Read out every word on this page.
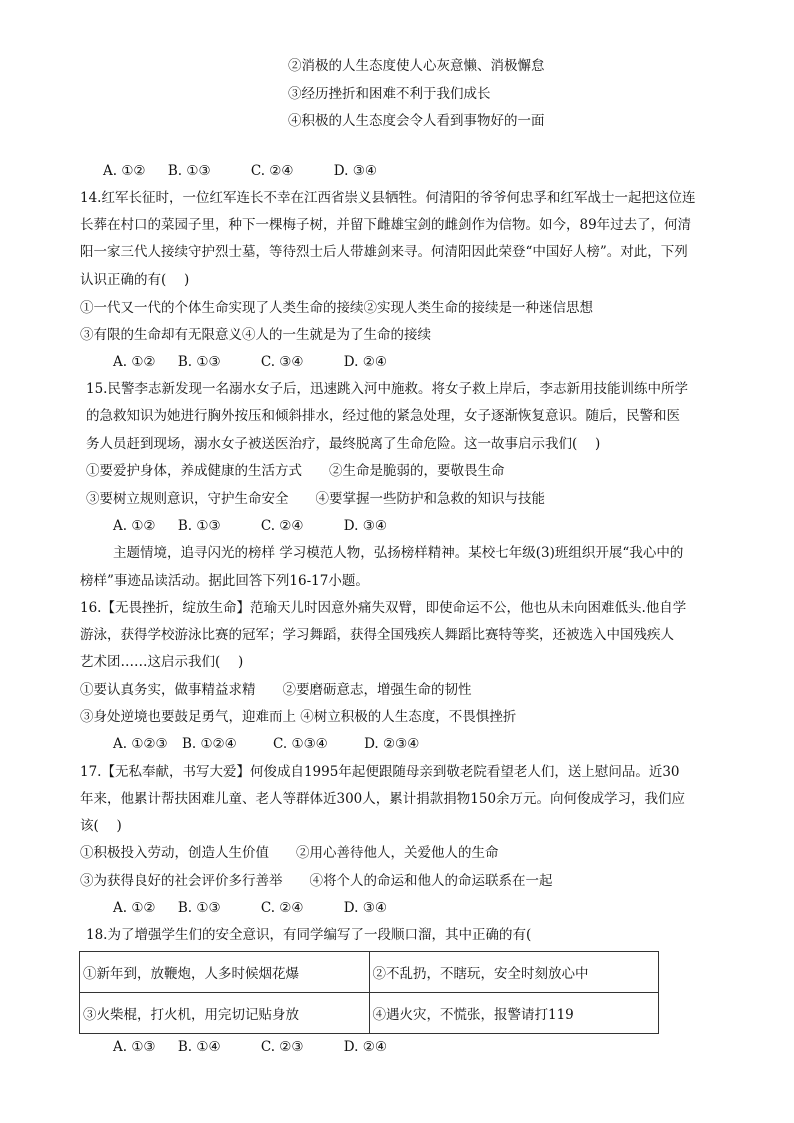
②消极的人生态度使人心灰意懒、消极懈怠
③经历挫折和困难不利于我们成长
④积极的人生态度会令人看到事物好的一面
A. ①② B. ①③	C. ②④	D. ③④
14.红军长征时，一位红军连长不幸在江西省崇义县牺牲。何清阳的爷爷何忠孚和红军战士一起把这位连
长葬在村口的菜园子里，种下一棵梅子树，并留下雌雄宝剑的雌剑作为信物。如今，89年过去了，何清
阳一家三代人接续守护烈士墓，等待烈士后人带雄剑来寻。何清阳因此荣登“中国好人榜”。对此，下列
认识正确的有(　 )
①一代又一代的个体生命实现了人类生命的接续②实现人类生命的接续是一种迷信思想
③有限的生命却有无限意义④人的一生就是为了生命的接续
A. ①② B. ①③	C. ③④	D. ②④
15.民警李志新发现一名溺水女子后，迅速跳入河中施救。将女子救上岸后，李志新用技能训练中所学
的急救知识为她进行胸外按压和倾斜排水，经过他的紧急处理，女子逐渐恢复意识。随后，民警和医
务人员赶到现场，溺水女子被送医治疗，最终脱离了生命危险。这一故事启示我们(　 )
①要爱护身体，养成健康的生活方式　　②生命是脆弱的，要敬畏生命
③要树立规则意识，守护生命安全　　④要掌握一些防护和急救的知识与技能
A. ①② B. ①③	C. ②④	D. ③④
主题情境，追寻闪光的榜样 学习模范人物，弘扬榜样精神。某校七年级(3)班组织开展“我心中的
榜样”事迹品读活动。据此回答下列16-17小题。
16.【无畏挫折，绽放生命】范瑜天儿时因意外痛失双臂，即使命运不公，他也从未向困难低头.他自学
游泳，获得学校游泳比赛的冠军；学习舞蹈，获得全国残疾人舞蹈比赛特等奖，还被选入中国残疾人
艺术团……这启示我们(　 )
①要认真务实，做事精益求精　　②要磨砺意志，增强生命的韧性
③身处逆境也要鼓足勇气，迎难而上 ④树立积极的人生态度，不畏惧挫折
A. ①②③ B. ①②④	C. ①③④	D. ②③④
17.【无私奉献，书写大爱】何俊成自1995年起便跟随母亲到敬老院看望老人们，送上慰问品。近30
年来，他累计帮扶困难儿童、老人等群体近300人，累计捐款捐物150余万元。向何俊成学习，我们应
该(　 )
①积极投入劳动，创造人生价值　　②用心善待他人，关爱他人的生命
③为获得良好的社会评价多行善举　　④将个人的命运和他人的命运联系在一起
A. ①② B. ①③	C. ②④	D. ③④
18.为了增强学生们的安全意识，有同学编写了一段顺口溜，其中正确的有(
①新年到，放鞭炮，人多时候烟花爆	②不乱扔，不瞎玩，安全时刻放心中
③火柴棍，打火机，用完切记贴身放	④遇火灾，不慌张，报警请打119
A. ①③ B. ①④	C. ②③	D. ②④
